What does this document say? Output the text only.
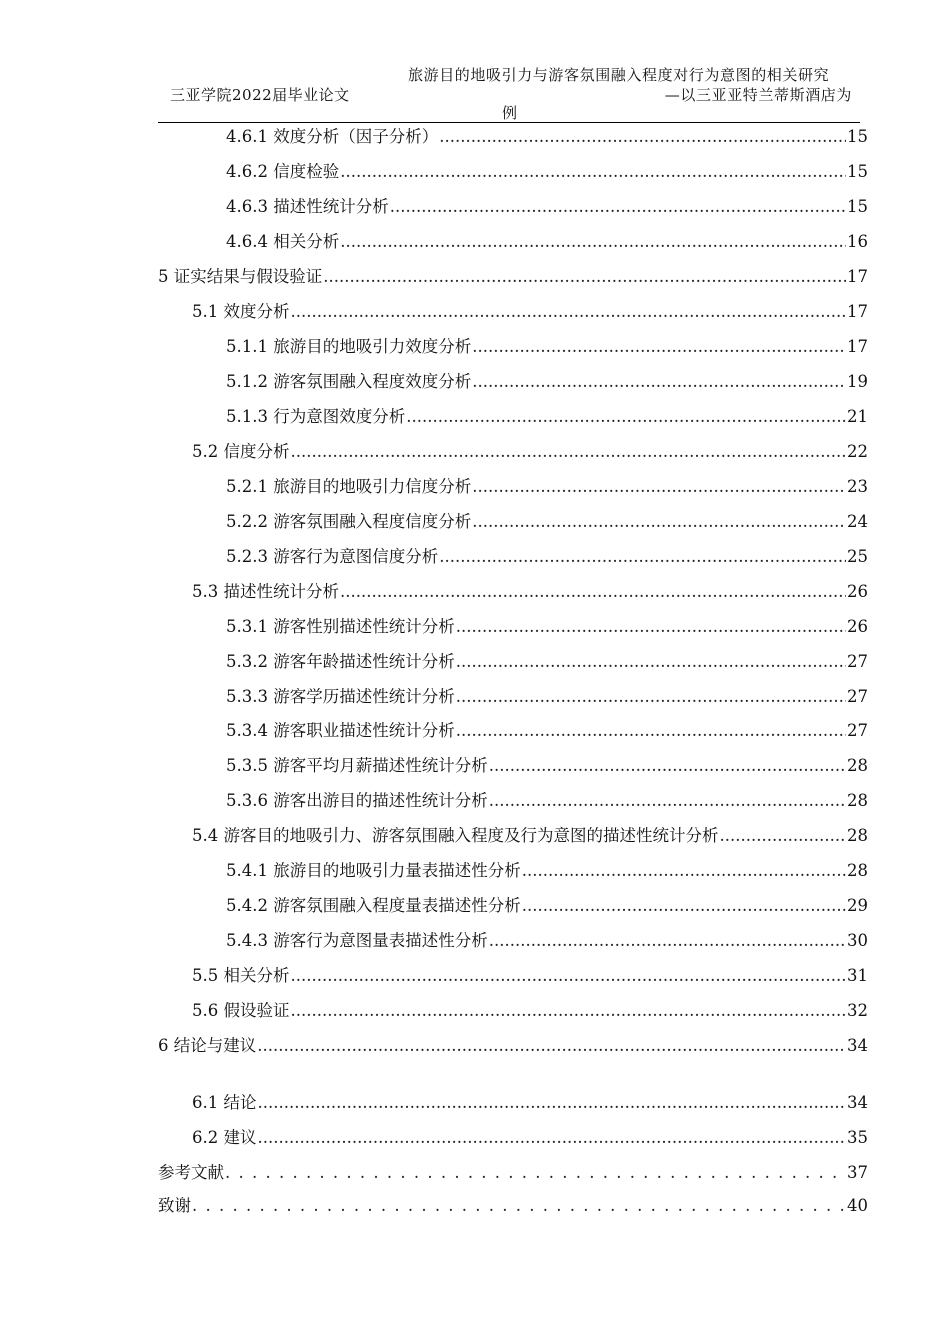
三亚学院2022届毕业论文
旅游目的地吸引力与游客氛围融入程度对行为意图的相关研究
—以三亚亚特兰蒂斯酒店为
例
4.6.1 效度分析（因子分析） .....	15
4.6.2 信度检验 .....	15
4.6.3 描述性统计分析 .....	15
4.6.4 相关分析 .....	16
5 证实结果与假设验证 .....	17
5.1 效度分析 .....	17
5.1.1 旅游目的地吸引力效度分析 .....	17
5.1.2 游客氛围融入程度效度分析 .....	19
5.1.3 行为意图效度分析 .....	21
5.2 信度分析 .....	22
5.2.1 旅游目的地吸引力信度分析 .....	23
5.2.2 游客氛围融入程度信度分析 .....	24
5.2.3 游客行为意图信度分析 .....	25
5.3 描述性统计分析 .....	26
5.3.1 游客性别描述性统计分析 .....	26
5.3.2 游客年龄描述性统计分析 .....	27
5.3.3 游客学历描述性统计分析 .....	27
5.3.4 游客职业描述性统计分析 .....	27
5.3.5 游客平均月薪描述性统计分析 .....	28
5.3.6 游客出游目的描述性统计分析 .....	28
5.4 游客目的地吸引力、游客氛围融入程度及行为意图的描述性统计分析 .....	28
5.4.1 旅游目的地吸引力量表描述性分析 .....	28
5.4.2 游客氛围融入程度量表描述性分析 .....	29
5.4.3 游客行为意图量表描述性分析 .....	30
5.5 相关分析 .....	31
5.6 假设验证 .....	32
6 结论与建议 .....	34
6.1 结论 .....	34
6.2 建议 .....	35
参考文献 . . .	37
致谢 . . .	40
